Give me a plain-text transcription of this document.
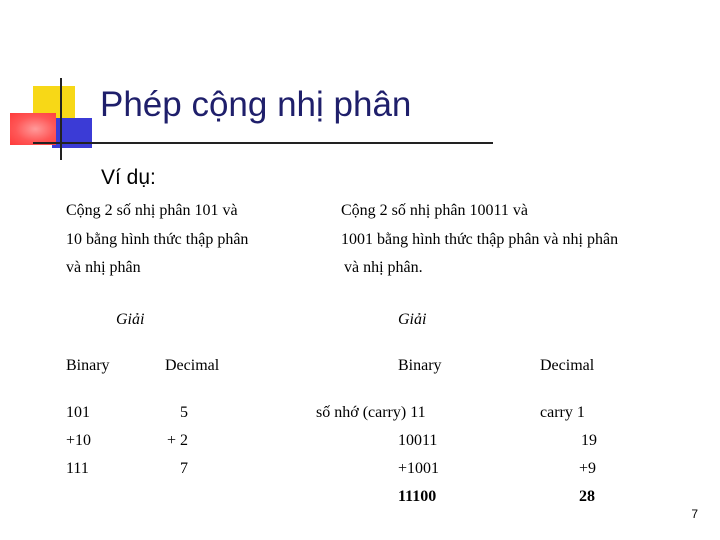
Phép cộng nhị phân
Ví dụ:
Cộng 2 số nhị phân 101 và
10 bằng hình thức thập phân
và nhị phân
Giải
Binary	Decimal
101
+10
111
5
+ 2
7
Cộng 2 số nhị phân 10011 và
1001 bằng hình thức thập phân và nhị phân
và nhị phân.
Giải
Binary	Decimal
số nhớ (carry) 11
10011
+1001
11100
carry 1
19
+9
28
7
